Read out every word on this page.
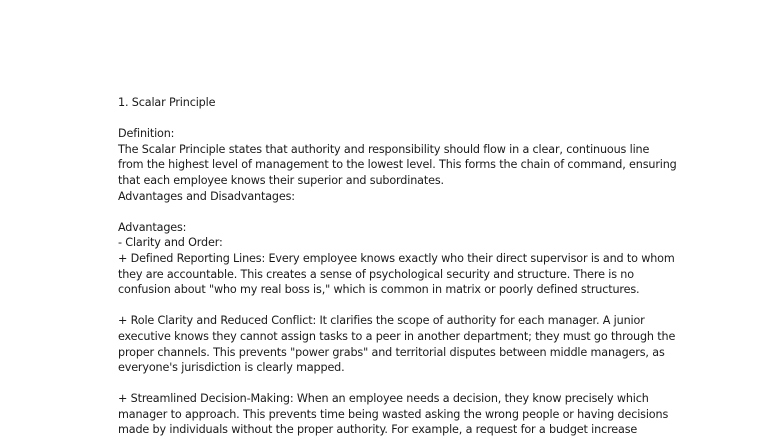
1. Scalar Principle
Definition:
The Scalar Principle states that authority and responsibility should flow in a clear, continuous line
from the highest level of management to the lowest level. This forms the chain of command, ensuring
that each employee knows their superior and subordinates.
Advantages and Disadvantages:
Advantages:
- Clarity and Order:
+ Defined Reporting Lines: Every employee knows exactly who their direct supervisor is and to whom
they are accountable. This creates a sense of psychological security and structure. There is no
confusion about "who my real boss is," which is common in matrix or poorly defined structures.
+ Role Clarity and Reduced Conflict: It clarifies the scope of authority for each manager. A junior
executive knows they cannot assign tasks to a peer in another department; they must go through the
proper channels. This prevents "power grabs" and territorial disputes between middle managers, as
everyone's jurisdiction is clearly mapped.
+ Streamlined Decision-Making: When an employee needs a decision, they know precisely which
manager to approach. This prevents time being wasted asking the wrong people or having decisions
made by individuals without the proper authority. For example, a request for a budget increase
